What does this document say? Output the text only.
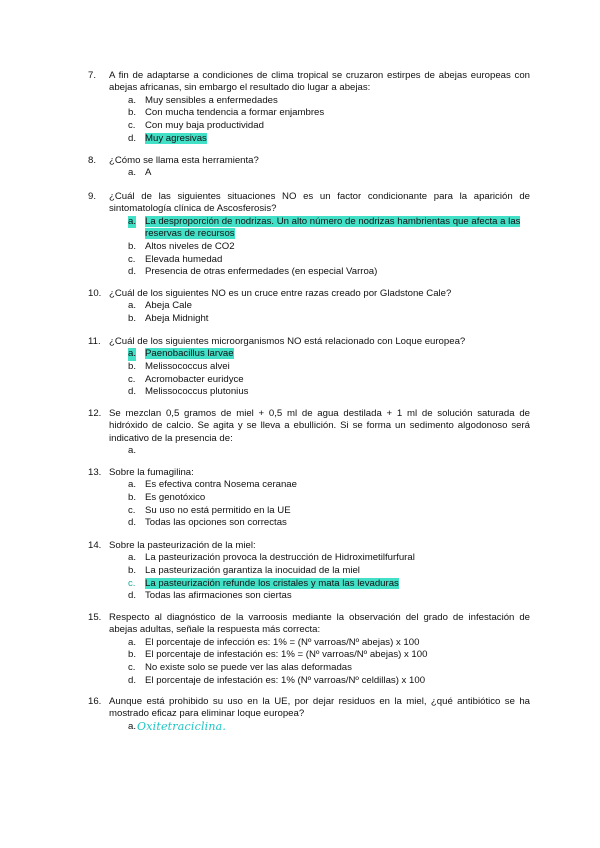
7.	A fin de adaptarse a condiciones de clima tropical se cruzaron estirpes de abejas europeas con abejas africanas, sin embargo el resultado dio lugar a abejas:
a. Muy sensibles a enfermedades
b. Con mucha tendencia a formar enjambres
c. Con muy baja productividad
d. Muy agresivas
8.	¿Cómo se llama esta herramienta?
a. A
9.	¿Cuál de las siguientes situaciones NO es un factor condicionante para la aparición de sintomatología clínica de Ascosferosis?
a. La desproporción de nodrizas. Un alto número de nodrizas hambrientas que afecta a las reservas de recursos
b. Altos niveles de CO2
c. Elevada humedad
d. Presencia de otras enfermedades (en especial Varroa)
10. ¿Cuál de los siguientes NO es un cruce entre razas creado por Gladstone Cale?
a. Abeja Cale
b. Abeja Midnight
11. ¿Cuál de los siguientes microorganismos NO está relacionado con Loque europea?
a. Paenobacillus larvae
b. Melissococcus alvei
c. Acromobacter euridyce
d. Melissococcus plutonius
12. Se mezclan 0,5 gramos de miel + 0,5 ml de agua destilada + 1 ml de solución saturada de hidróxido de calcio. Se agita y se lleva a ebullición. Si se forma un sedimento algodonoso será indicativo de la presencia de:
a.
13. Sobre la fumagilina:
a. Es efectiva contra Nosema ceranae
b. Es genotóxico
c. Su uso no está permitido en la UE
d. Todas las opciones son correctas
14. Sobre la pasteurización de la miel:
a. La pasteurización provoca la destrucción de Hidroximetilfurfural
b. La pasteurización garantiza la inocuidad de la miel
c. La pasteurización refunde los cristales y mata las levaduras
d. Todas las afirmaciones son ciertas
15. Respecto al diagnóstico de la varroosis mediante la observación del grado de infestación de abejas adultas, señale la respuesta más correcta:
a. El porcentaje de infección es: 1% = (Nº varroas/Nº abejas) x 100
b. El porcentaje de infestación es: 1% = (Nº varroas/Nº abejas) x 100
c. No existe solo se puede ver las alas deformadas
d. El porcentaje de infestación es: 1% (Nº varroas/Nº celdillas) x 100
16. Aunque está prohibido su uso en la UE, por dejar residuos en la miel, ¿qué antibiótico se ha mostrado eficaz para eliminar loque europea?
a. Oxitetraciclina.
